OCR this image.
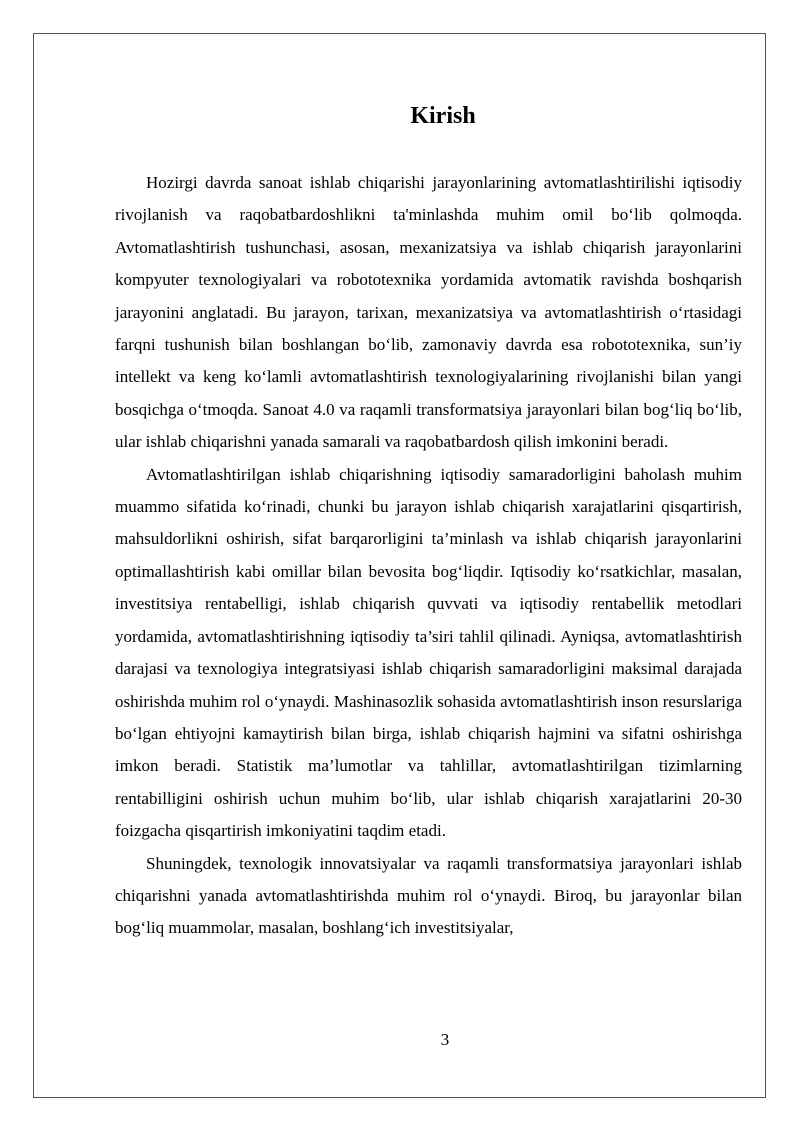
Kirish

Hozirgi davrda sanoat ishlab chiqarishi jarayonlarining avtomatlashtirilishi iqtisodiy rivojlanish va raqobatbardoshlikni ta'minlashda muhim omil bo‘lib qolmoqda. Avtomatlashtirish tushunchasi, asosan, mexanizatsiya va ishlab chiqarish jarayonlarini kompyuter texnologiyalari va robototexnika yordamida avtomatik ravishda boshqarish jarayonini anglatadi. Bu jarayon, tarixan, mexanizatsiya va avtomatlashtirish o‘rtasidagi farqni tushunish bilan boshlangan bo‘lib, zamonaviy davrda esa robototexnika, sun’iy intellekt va keng ko‘lamli avtomatlashtirish texnologiyalarining rivojlanishi bilan yangi bosqichga o‘tmoqda. Sanoat 4.0 va raqamli transformatsiya jarayonlari bilan bog‘liq bo‘lib, ular ishlab chiqarishni yanada samarali va raqobatbardosh qilish imkonini beradi.

Avtomatlashtirilgan ishlab chiqarishning iqtisodiy samaradorligini baholash muhim muammo sifatida ko‘rinadi, chunki bu jarayon ishlab chiqarish xarajatlarini qisqartirish, mahsuldorlikni oshirish, sifat barqarorligini ta’minlash va ishlab chiqarish jarayonlarini optimallashtirish kabi omillar bilan bevosita bog‘liqdir. Iqtisodiy ko‘rsatkichlar, masalan, investitsiya rentabelligi, ishlab chiqarish quvvati va iqtisodiy rentabellik metodlari yordamida, avtomatlashtirishning iqtisodiy ta’siri tahlil qilinadi. Ayniqsa, avtomatlashtirish darajasi va texnologiya integratsiyasi ishlab chiqarish samaradorligini maksimal darajada oshirishda muhim rol o‘ynaydi. Mashinasozlik sohasida avtomatlashtirish inson resurslariga bo‘lgan ehtiyojni kamaytirish bilan birga, ishlab chiqarish hajmini va sifatni oshirishga imkon beradi. Statistik ma’lumotlar va tahlillar, avtomatlashtirilgan tizimlarning rentabilligini oshirish uchun muhim bo‘lib, ular ishlab chiqarish xarajatlarini 20-30 foizgacha qisqartirish imkoniyatini taqdim etadi.

Shuningdek, texnologik innovatsiyalar va raqamli transformatsiya jarayonlari ishlab chiqarishni yanada avtomatlashtirishda muhim rol o‘ynaydi. Biroq, bu jarayonlar bilan bog‘liq muammolar, masalan, boshlang‘ich investitsiyalar,

3
